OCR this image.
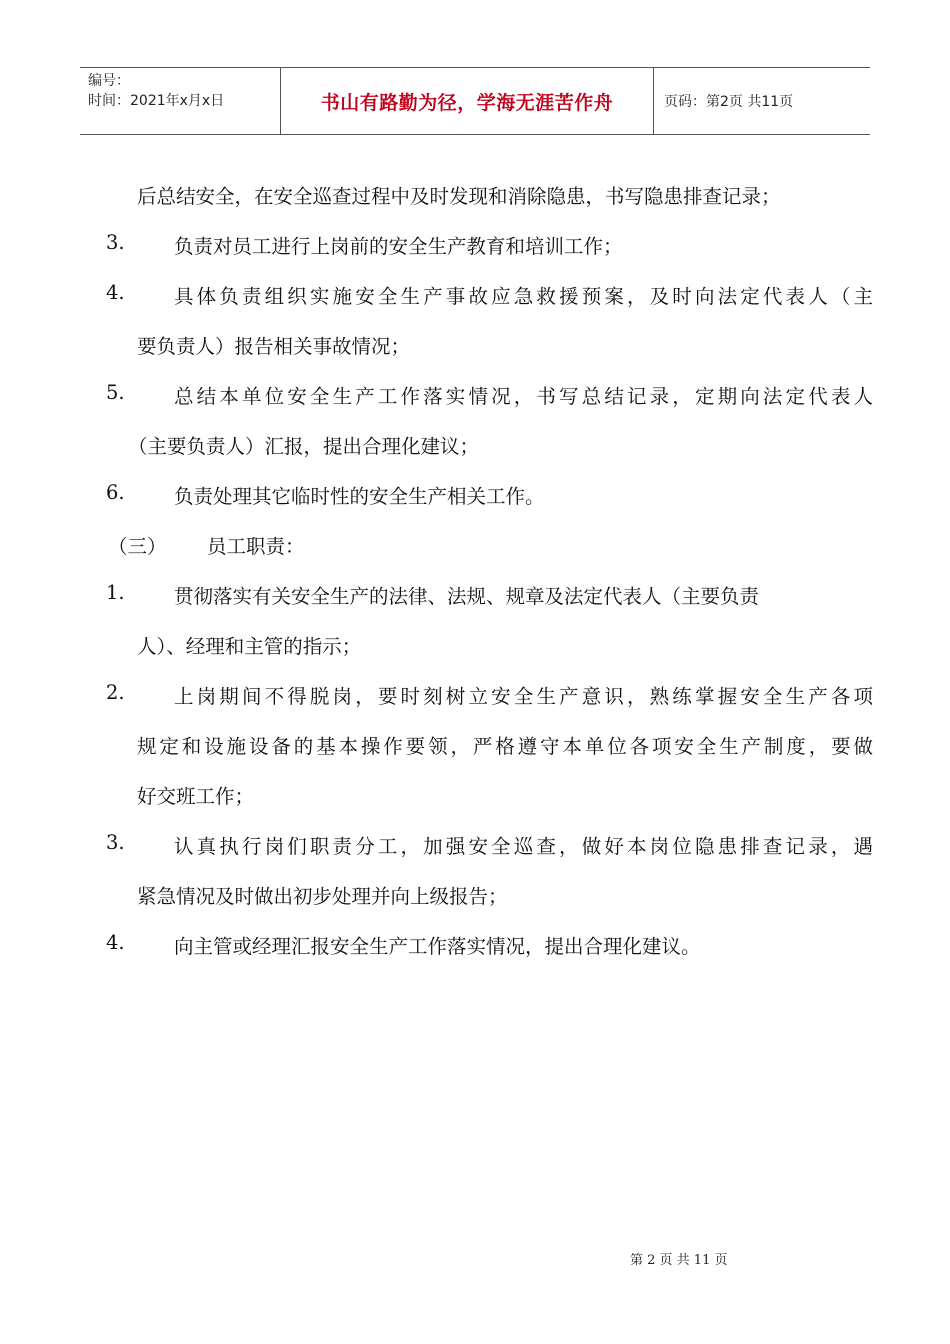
编号：
时间：2021年x月x日	书山有路勤为径，学海无涯苦作舟	页码：第2页 共11页
后总结安全，在安全巡查过程中及时发现和消除隐患，书写隐患排查记录；
3.	负责对员工进行上岗前的安全生产教育和培训工作；
4.	具体负责组织实施安全生产事故应急救援预案，及时向法定代表人（主
要负责人）报告相关事故情况；
5.	总结本单位安全生产工作落实情况，书写总结记录，定期向法定代表人
（主要负责人）汇报，提出合理化建议；
6.	负责处理其它临时性的安全生产相关工作。
（三） 员工职责：
1.	贯彻落实有关安全生产的法律、法规、规章及法定代表人（主要负责
人）、经理和主管的指示；
2.	上岗期间不得脱岗，要时刻树立安全生产意识，熟练掌握安全生产各项
规定和设施设备的基本操作要领，严格遵守本单位各项安全生产制度，要做
好交班工作；
3.	认真执行岗们职责分工，加强安全巡查，做好本岗位隐患排查记录，遇
紧急情况及时做出初步处理并向上级报告；
4.	向主管或经理汇报安全生产工作落实情况，提出合理化建议。
第 2 页 共 11 页
